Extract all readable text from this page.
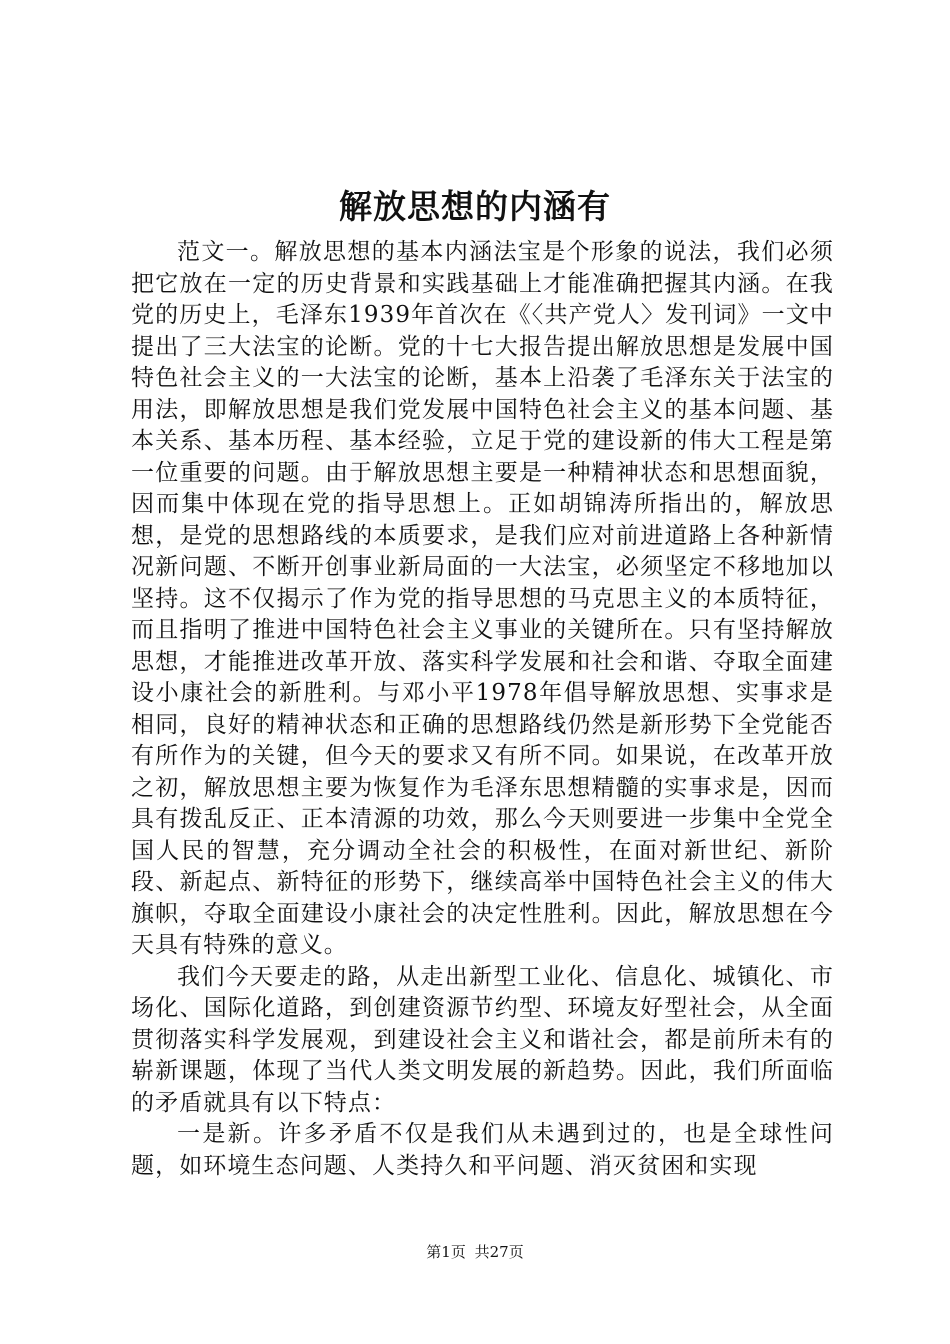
解放思想的内涵有

范文一。解放思想的基本内涵法宝是个形象的说法，我们必须把它放在一定的历史背景和实践基础上才能准确把握其内涵。在我党的历史上，毛泽东1939年首次在《〈共产党人〉发刊词》一文中提出了三大法宝的论断。党的十七大报告提出解放思想是发展中国特色社会主义的一大法宝的论断，基本上沿袭了毛泽东关于法宝的用法，即解放思想是我们党发展中国特色社会主义的基本问题、基本关系、基本历程、基本经验，立足于党的建设新的伟大工程是第一位重要的问题。由于解放思想主要是一种精神状态和思想面貌，因而集中体现在党的指导思想上。正如胡锦涛所指出的，解放思想，是党的思想路线的本质要求，是我们应对前进道路上各种新情况新问题、不断开创事业新局面的一大法宝，必须坚定不移地加以坚持。这不仅揭示了作为党的指导思想的马克思主义的本质特征，而且指明了推进中国特色社会主义事业的关键所在。只有坚持解放思想，才能推进改革开放、落实科学发展和社会和谐、夺取全面建设小康社会的新胜利。与邓小平1978年倡导解放思想、实事求是相同，良好的精神状态和正确的思想路线仍然是新形势下全党能否有所作为的关键，但今天的要求又有所不同。如果说，在改革开放之初，解放思想主要为恢复作为毛泽东思想精髓的实事求是，因而具有拨乱反正、正本清源的功效，那么今天则要进一步集中全党全国人民的智慧，充分调动全社会的积极性，在面对新世纪、新阶段、新起点、新特征的形势下，继续高举中国特色社会主义的伟大旗帜，夺取全面建设小康社会的决定性胜利。因此，解放思想在今天具有特殊的意义。

我们今天要走的路，从走出新型工业化、信息化、城镇化、市场化、国际化道路，到创建资源节约型、环境友好型社会，从全面贯彻落实科学发展观，到建设社会主义和谐社会，都是前所未有的崭新课题，体现了当代人类文明发展的新趋势。因此，我们所面临的矛盾就具有以下特点：

一是新。许多矛盾不仅是我们从未遇到过的，也是全球性问题，如环境生态问题、人类持久和平问题、消灭贫困和实现

第1页 共27页
